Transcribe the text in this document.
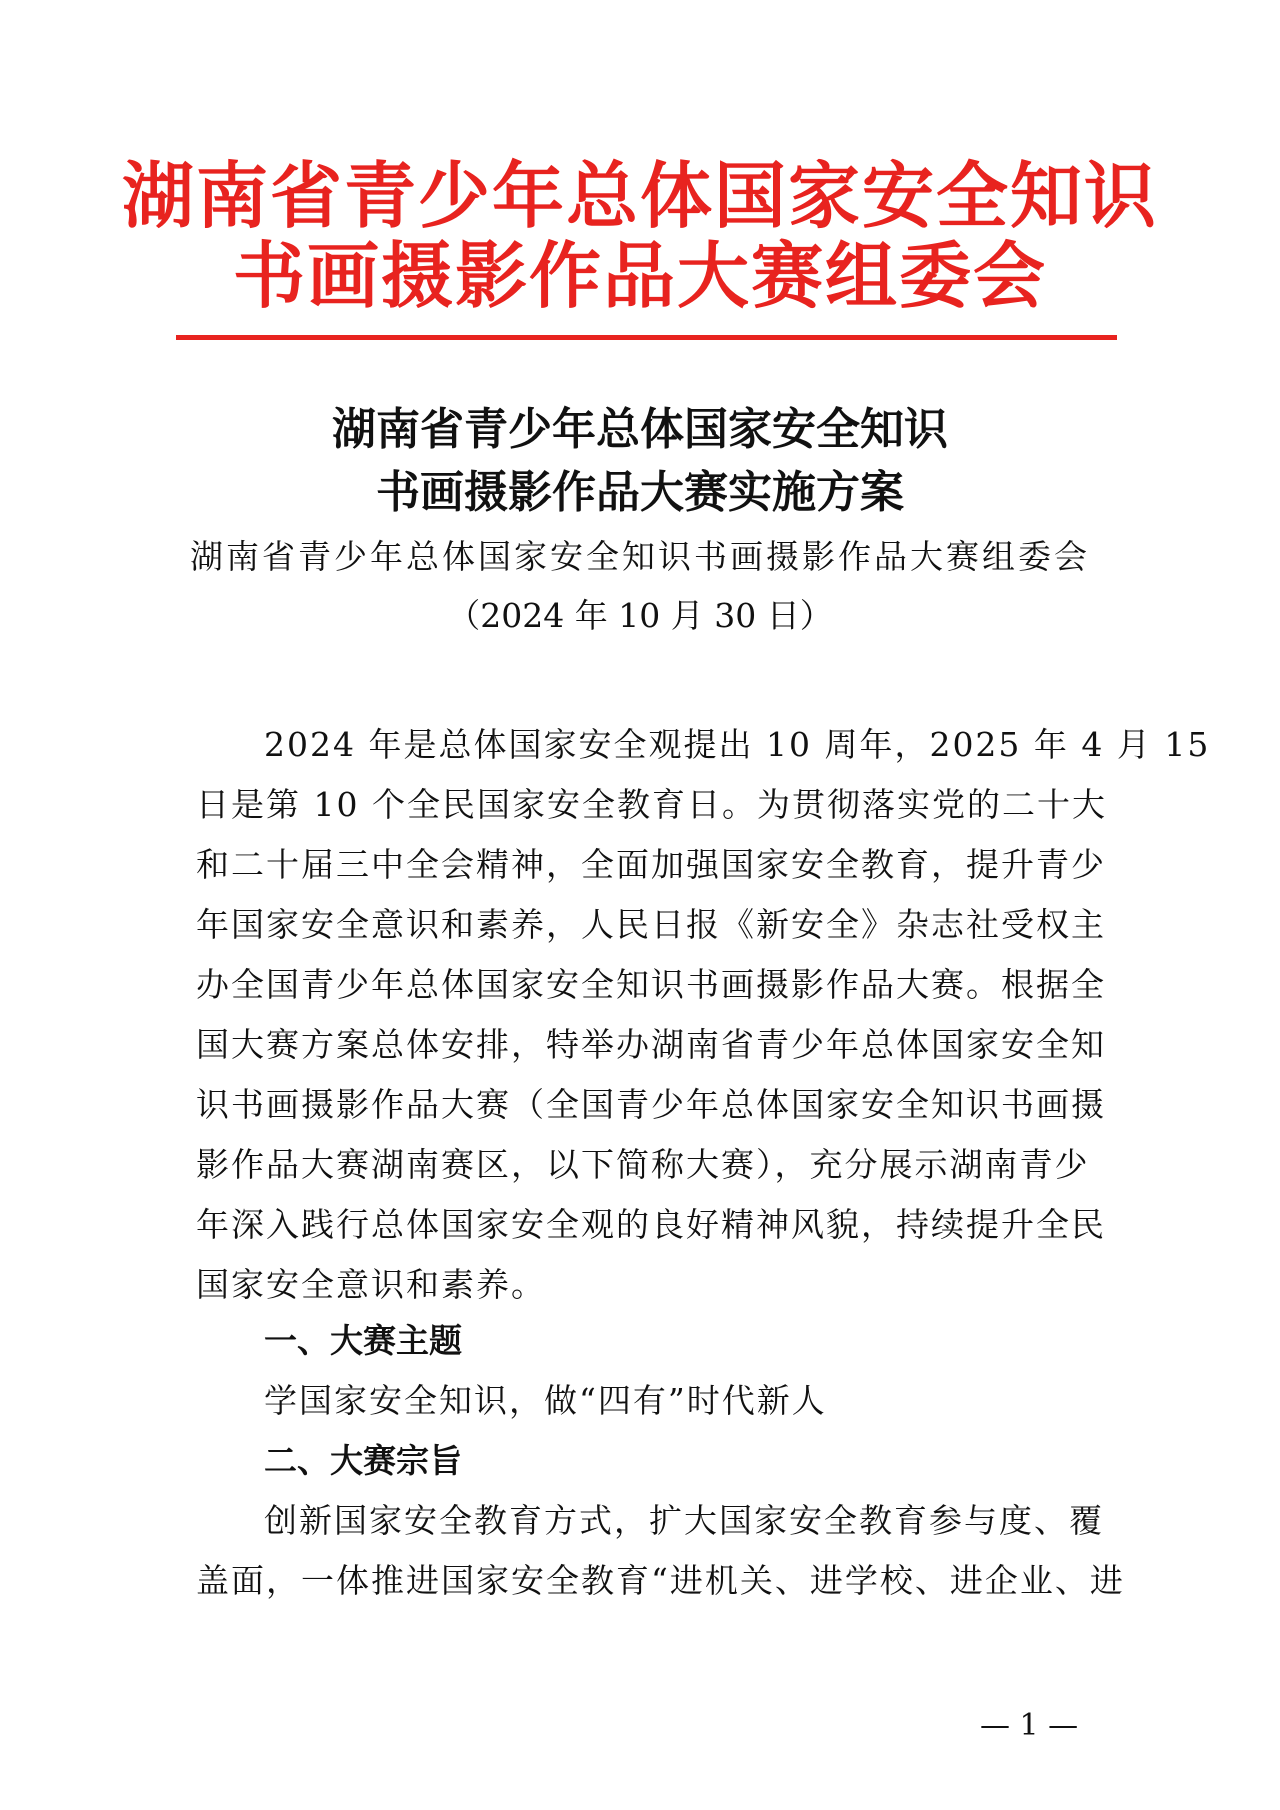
湖南省青少年总体国家安全知识
书画摄影作品大赛组委会
湖南省青少年总体国家安全知识
书画摄影作品大赛实施方案
湖南省青少年总体国家安全知识书画摄影作品大赛组委会
（2024 年 10 月 30 日）
2024 年是总体国家安全观提出 10 周年，2025 年 4 月 15
日是第 10 个全民国家安全教育日。为贯彻落实党的二十大
和二十届三中全会精神，全面加强国家安全教育，提升青少
年国家安全意识和素养，人民日报《新安全》杂志社受权主
办全国青少年总体国家安全知识书画摄影作品大赛。根据全
国大赛方案总体安排，特举办湖南省青少年总体国家安全知
识书画摄影作品大赛（全国青少年总体国家安全知识书画摄
影作品大赛湖南赛区，以下简称大赛），充分展示湖南青少
年深入践行总体国家安全观的良好精神风貌，持续提升全民
国家安全意识和素养。
一、大赛主题
学国家安全知识，做“四有”时代新人
二、大赛宗旨
创新国家安全教育方式，扩大国家安全教育参与度、覆
盖面，一体推进国家安全教育“进机关、进学校、进企业、进
— 1 —
